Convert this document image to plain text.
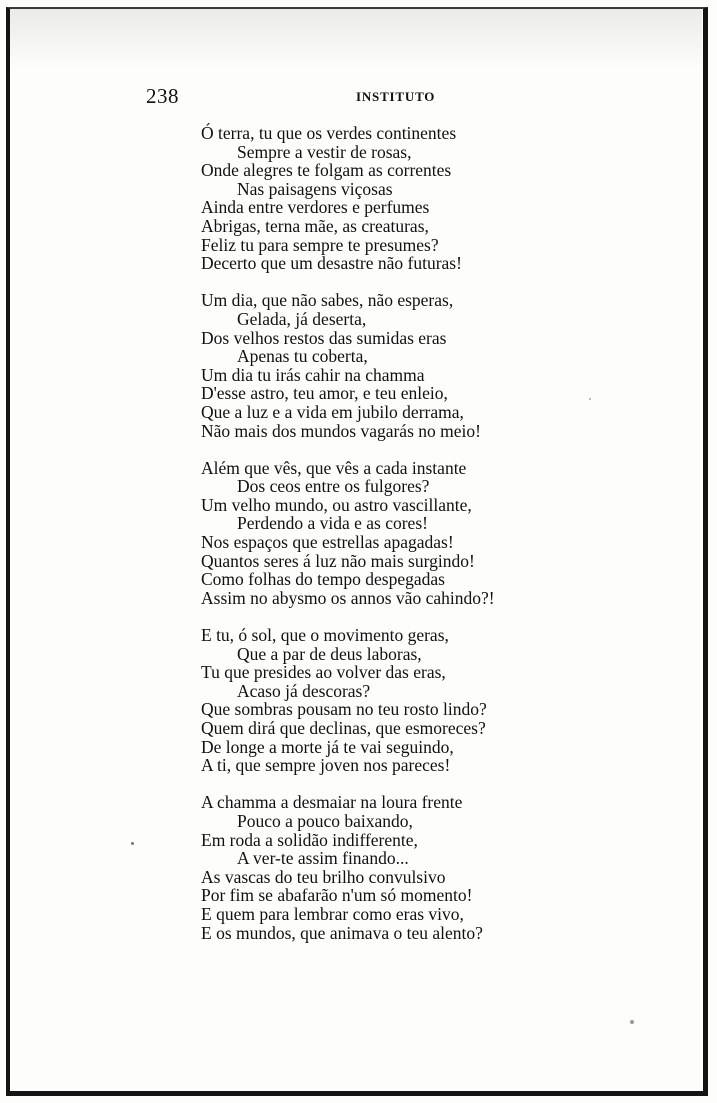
238	INSTITUTO
Ó terra, tu que os verdes continentes
Sempre a vestir de rosas,
Onde alegres te folgam as correntes
Nas paisagens viçosas
Ainda entre verdores e perfumes
Abrigas, terna mãe, as creaturas,
Feliz tu para sempre te presumes?
Decerto que um desastre não futuras!
Um dia, que não sabes, não esperas,
Gelada, já deserta,
Dos velhos restos das sumidas eras
Apenas tu coberta,
Um dia tu irás cahir na chamma
D'esse astro, teu amor, e teu enleio,
Que a luz e a vida em jubilo derrama,
Não mais dos mundos vagarás no meio!
Além que vês, que vês a cada instante
Dos ceos entre os fulgores?
Um velho mundo, ou astro vascillante,
Perdendo a vida e as cores!
Nos espaços que estrellas apagadas!
Quantos seres á luz não mais surgindo!
Como folhas do tempo despegadas
Assim no abysmo os annos vão cahindo?!
E tu, ó sol, que o movimento geras,
Que a par de deus laboras,
Tu que presides ao volver das eras,
Acaso já descoras?
Que sombras pousam no teu rosto lindo?
Quem dirá que declinas, que esmoreces?
De longe a morte já te vai seguindo,
A ti, que sempre joven nos pareces!
A chamma a desmaiar na loura frente
Pouco a pouco baixando,
Em roda a solidão indifferente,
A ver-te assim finando...
As vascas do teu brilho convulsivo
Por fim se abafarão n'um só momento!
E quem para lembrar como eras vivo,
E os mundos, que animava o teu alento?
